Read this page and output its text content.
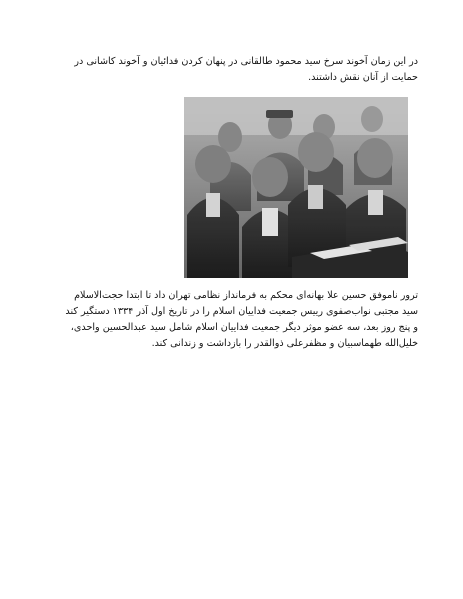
در این زمان آخوند سرخ سید محمود طالقانی در پنهان کردن فدائیان و آخوند کاشانی در حمایت از آنان نقش داشتند.

ترور ناموفق حسین علا بهانه‌ای محکم به فرمانداز نظامی تهران داد تا ابتدا حجت‌الاسلام سید مجتبی نواب‌صفوی رییس جمعیت فداییان اسلام را در تاریخ اول آذر ۱۳۳۴ دستگیر کند و پنج روز بعد، سه عضو موثر دیگر جمعیت فداییان اسلام شامل سید عبدالحسین واحدی، خلیل‌الله طهماسبیان و مظفرعلی ذوالقدر را بازداشت و زندانی کند.
